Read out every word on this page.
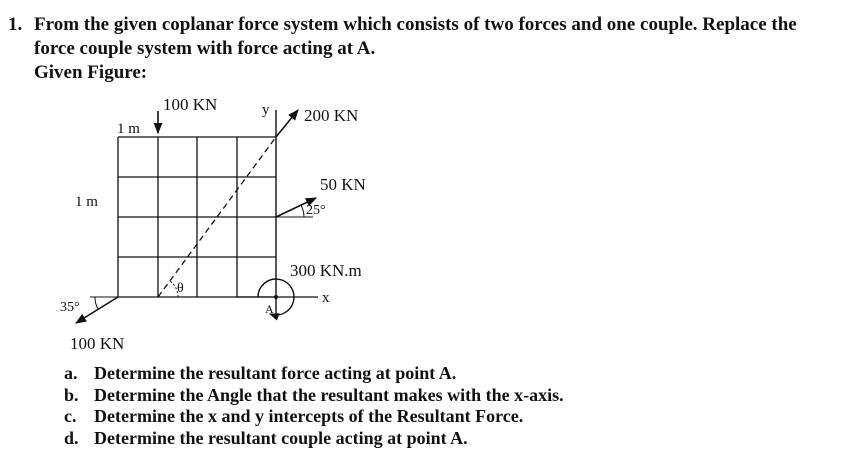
1. From the given coplanar force system which consists of two forces and one couple. Replace the
force couple system with force acting at A.
Given Figure:
y
x
200 KN
100 KN
1 m
1 m
25°
50 KN
300 KN.m
A
θ
35°
100 KN
a. Determine the resultant force acting at point A.
b. Determine the Angle that the resultant makes with the x-axis.
c. Determine the x and y intercepts of the Resultant Force.
d. Determine the resultant couple acting at point A.
